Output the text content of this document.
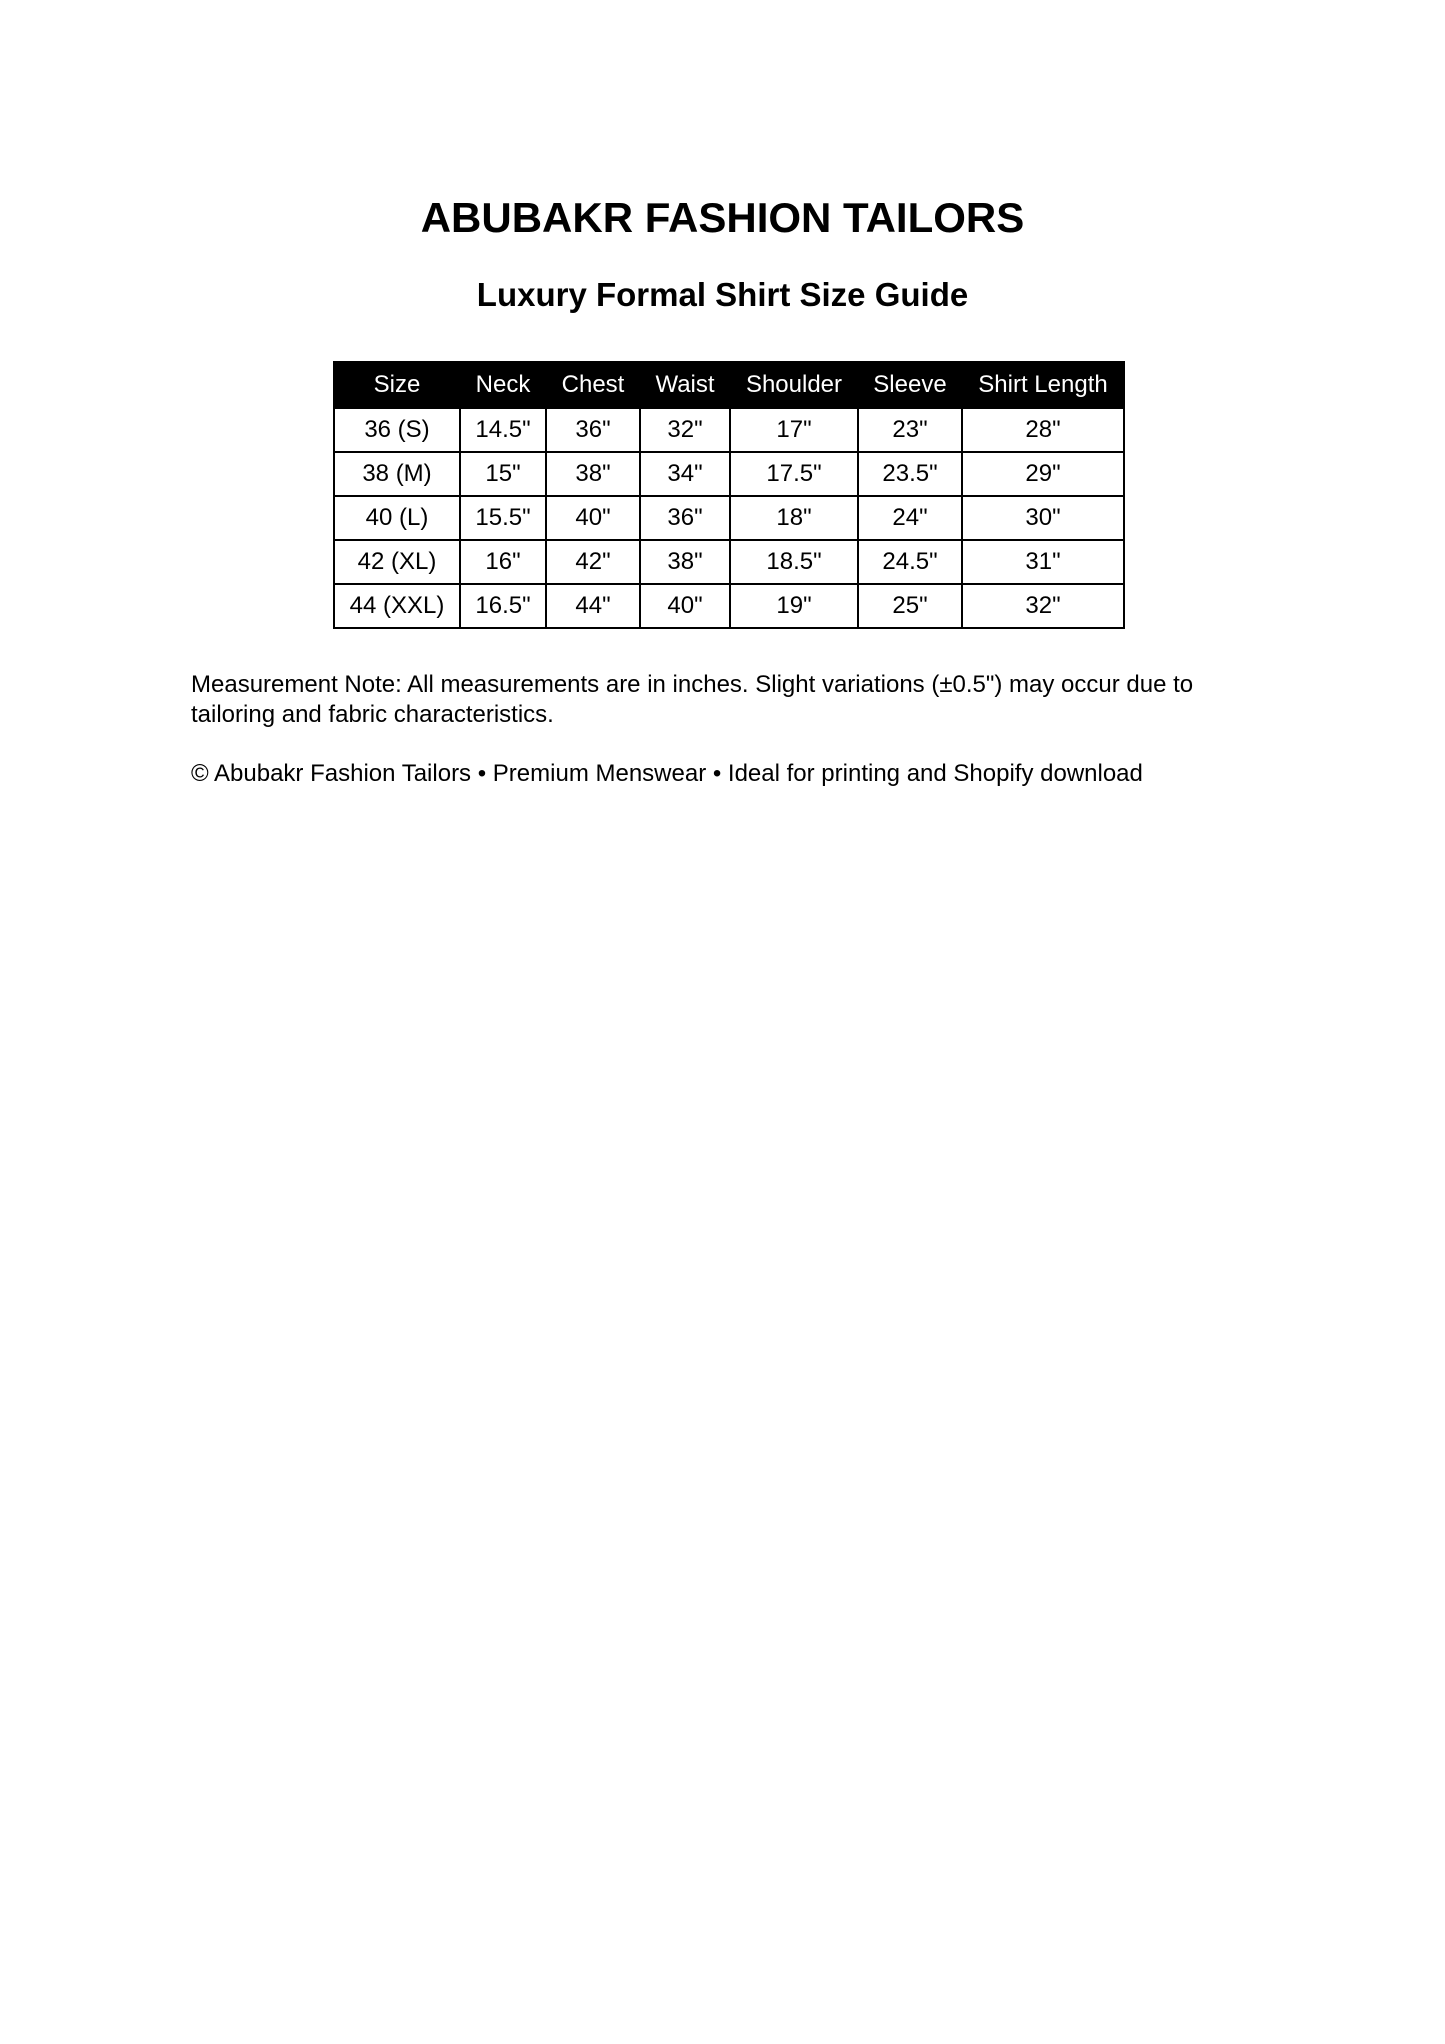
ABUBAKR FASHION TAILORS
Luxury Formal Shirt Size Guide
Size	Neck	Chest	Waist	Shoulder	Sleeve	Shirt Length
36 (S)	14.5"	36"	32"	17"	23"	28"
38 (M)	15"	38"	34"	17.5"	23.5"	29"
40 (L)	15.5"	40"	36"	18"	24"	30"
42 (XL)	16"	42"	38"	18.5"	24.5"	31"
44 (XXL)	16.5"	44"	40"	19"	25"	32"

Measurement Note: All measurements are in inches. Slight variations (±0.5") may occur due to tailoring and fabric characteristics.

© Abubakr Fashion Tailors • Premium Menswear • Ideal for printing and Shopify download
